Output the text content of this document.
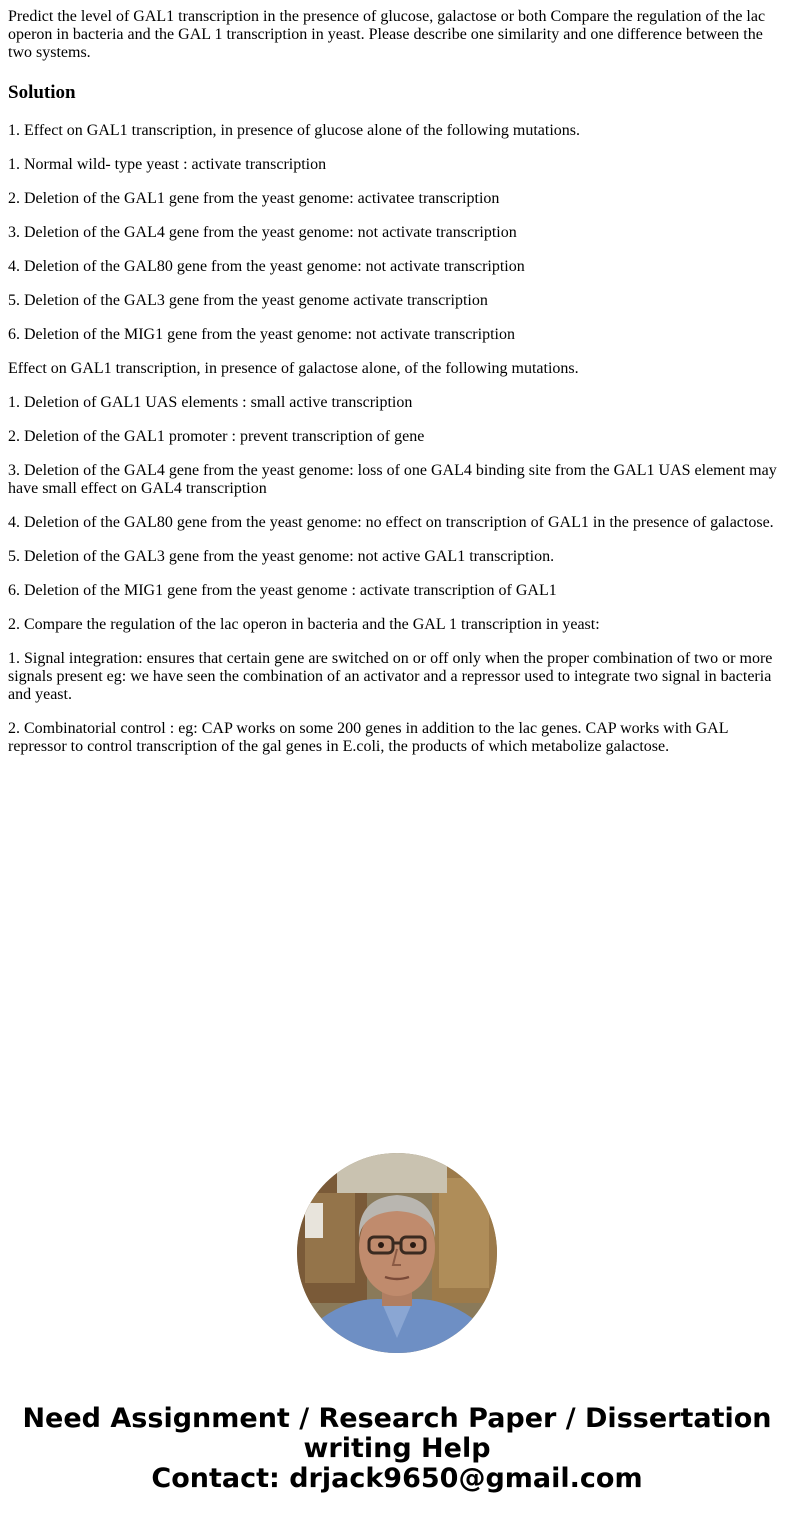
Predict the level of GAL1 transcription in the presence of glucose, galactose or both Compare the regulation of the lac operon in bacteria and the GAL 1 transcription in yeast. Please describe one similarity and one difference between the two systems.

Solution

1. Effect on GAL1 transcription, in presence of glucose alone of the following mutations.

1. Normal wild- type yeast : activate transcription

2. Deletion of the GAL1 gene from the yeast genome: activatee transcription

3. Deletion of the GAL4 gene from the yeast genome: not activate transcription

4. Deletion of the GAL80 gene from the yeast genome: not activate transcription

5. Deletion of the GAL3 gene from the yeast genome activate transcription

6. Deletion of the MIG1 gene from the yeast genome: not activate transcription

Effect on GAL1 transcription, in presence of galactose alone, of the following mutations.

1. Deletion of GAL1 UAS elements : small active transcription

2. Deletion of the GAL1 promoter : prevent transcription of gene

3. Deletion of the GAL4 gene from the yeast genome: loss of one GAL4 binding site from the GAL1 UAS element may have small effect on GAL4 transcription

4. Deletion of the GAL80 gene from the yeast genome: no effect on transcription of GAL1 in the presence of galactose.

5. Deletion of the GAL3 gene from the yeast genome: not active GAL1 transcription.

6. Deletion of the MIG1 gene from the yeast genome : activate transcription of GAL1

2. Compare the regulation of the lac operon in bacteria and the GAL 1 transcription in yeast:

1. Signal integration: ensures that certain gene are switched on or off only when the proper combination of two or more signals present eg: we have seen the combination of an activator and a repressor used to integrate two signal in bacteria and yeast.

2. Combinatorial control : eg: CAP works on some 200 genes in addition to the lac genes. CAP works with GAL repressor to control transcription of the gal genes in E.coli, the products of which metabolize galactose.

Need Assignment / Research Paper / Dissertation
writing Help
Contact: drjack9650@gmail.com
